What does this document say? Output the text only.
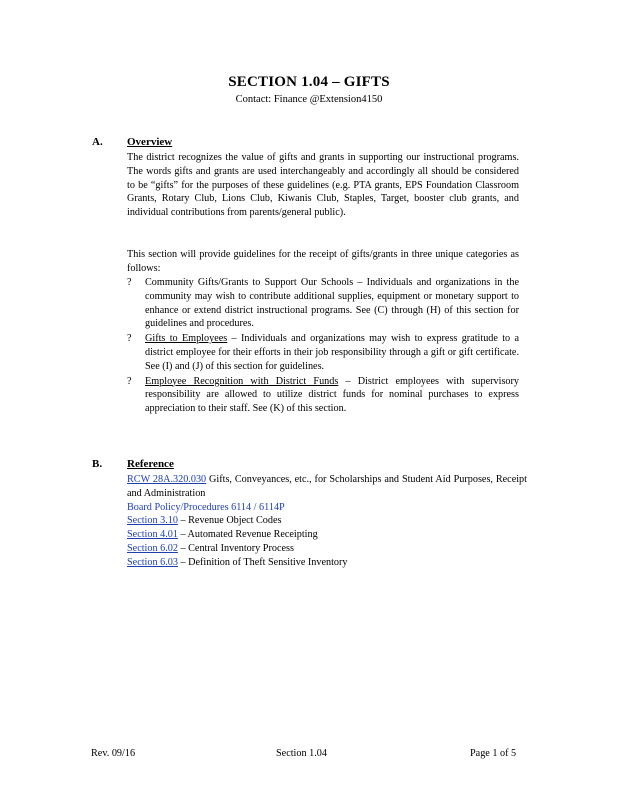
SECTION 1.04 – GIFTS
Contact: Finance @Extension4150
A. Overview

The district recognizes the value of gifts and grants in supporting our instructional programs. The words gifts and grants are used interchangeably and accordingly all should be considered to be “gifts” for the purposes of these guidelines (e.g. PTA grants, EPS Foundation Classroom Grants, Rotary Club, Lions Club, Kiwanis Club, Staples, Target, booster club grants, and individual contributions from parents/general public).

This section will provide guidelines for the receipt of gifts/grants in three unique categories as follows:

? Community Gifts/Grants to Support Our Schools – Individuals and organizations in the community may wish to contribute additional supplies, equipment or monetary support to enhance or extend district instructional programs. See (C) through (H) of this section for guidelines and procedures.
? Gifts to Employees – Individuals and organizations may wish to express gratitude to a district employee for their efforts in their job responsibility through a gift or gift certificate. See (I) and (J) of this section for guidelines.
? Employee Recognition with District Funds – District employees with supervisory responsibility are allowed to utilize district funds for nominal purchases to express appreciation to their staff. See (K) of this section.
B. Reference
RCW 28A.320.030 Gifts, Conveyances, etc., for Scholarships and Student Aid Purposes, Receipt and Administration
Board Policy/Procedures 6114 / 6114P
Section 3.10 – Revenue Object Codes
Section 4.01 – Automated Revenue Receipting
Section 6.02 – Central Inventory Process
Section 6.03 – Definition of Theft Sensitive Inventory
Rev. 09/16	Section 1.04	Page 1 of 5
